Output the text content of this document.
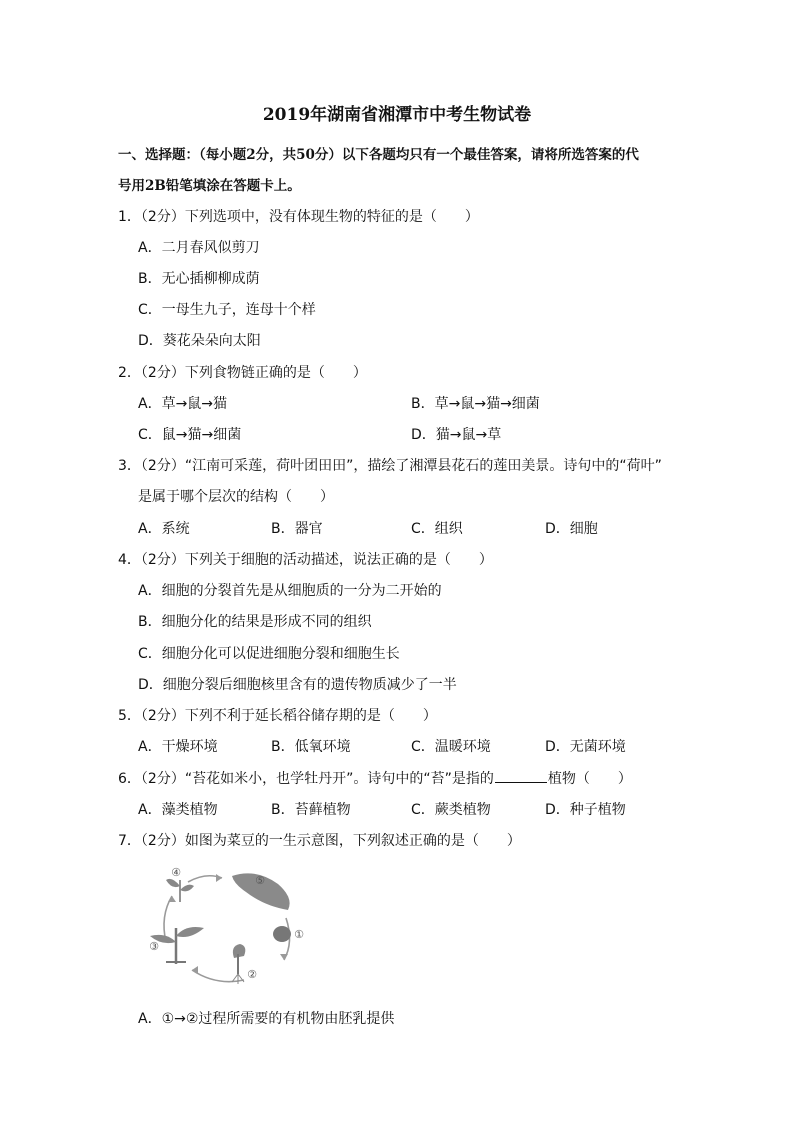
2019年湖南省湘潭市中考生物试卷
一、选择题：（每小题2分，共50分）以下各题均只有一个最佳答案，请将所选答案的代
号用2B铅笔填涂在答题卡上。
1．（2分）下列选项中，没有体现生物的特征的是（　　）
A．二月春风似剪刀
B．无心插柳柳成荫
C．一母生九子，连母十个样
D．葵花朵朵向太阳
2．（2分）下列食物链正确的是（　　）
A．草→鼠→猫	B．草→鼠→猫→细菌
C．鼠→猫→细菌	D．猫→鼠→草
3．（2分）“江南可采莲，荷叶团田田”，描绘了湘潭县花石的莲田美景。诗句中的“荷叶”
是属于哪个层次的结构（　　）
A．系统	B．器官	C．组织	D．细胞
4．（2分）下列关于细胞的活动描述，说法正确的是（　　）
A．细胞的分裂首先是从细胞质的一分为二开始的
B．细胞分化的结果是形成不同的组织
C．细胞分化可以促进细胞分裂和细胞生长
D．细胞分裂后细胞核里含有的遗传物质减少了一半
5．（2分）下列不利于延长稻谷储存期的是（　　）
A．干燥环境	B．低氧环境	C．温暖环境	D．无菌环境
6．（2分）“苔花如米小，也学牡丹开”。诗句中的“苔”是指的	植物（　　）
A．藻类植物	B．苔藓植物	C．蕨类植物	D．种子植物
7．（2分）如图为菜豆的一生示意图，下列叙述正确的是（　　）
①
②
③
④
⑤
A．①→②过程所需要的有机物由胚乳提供
